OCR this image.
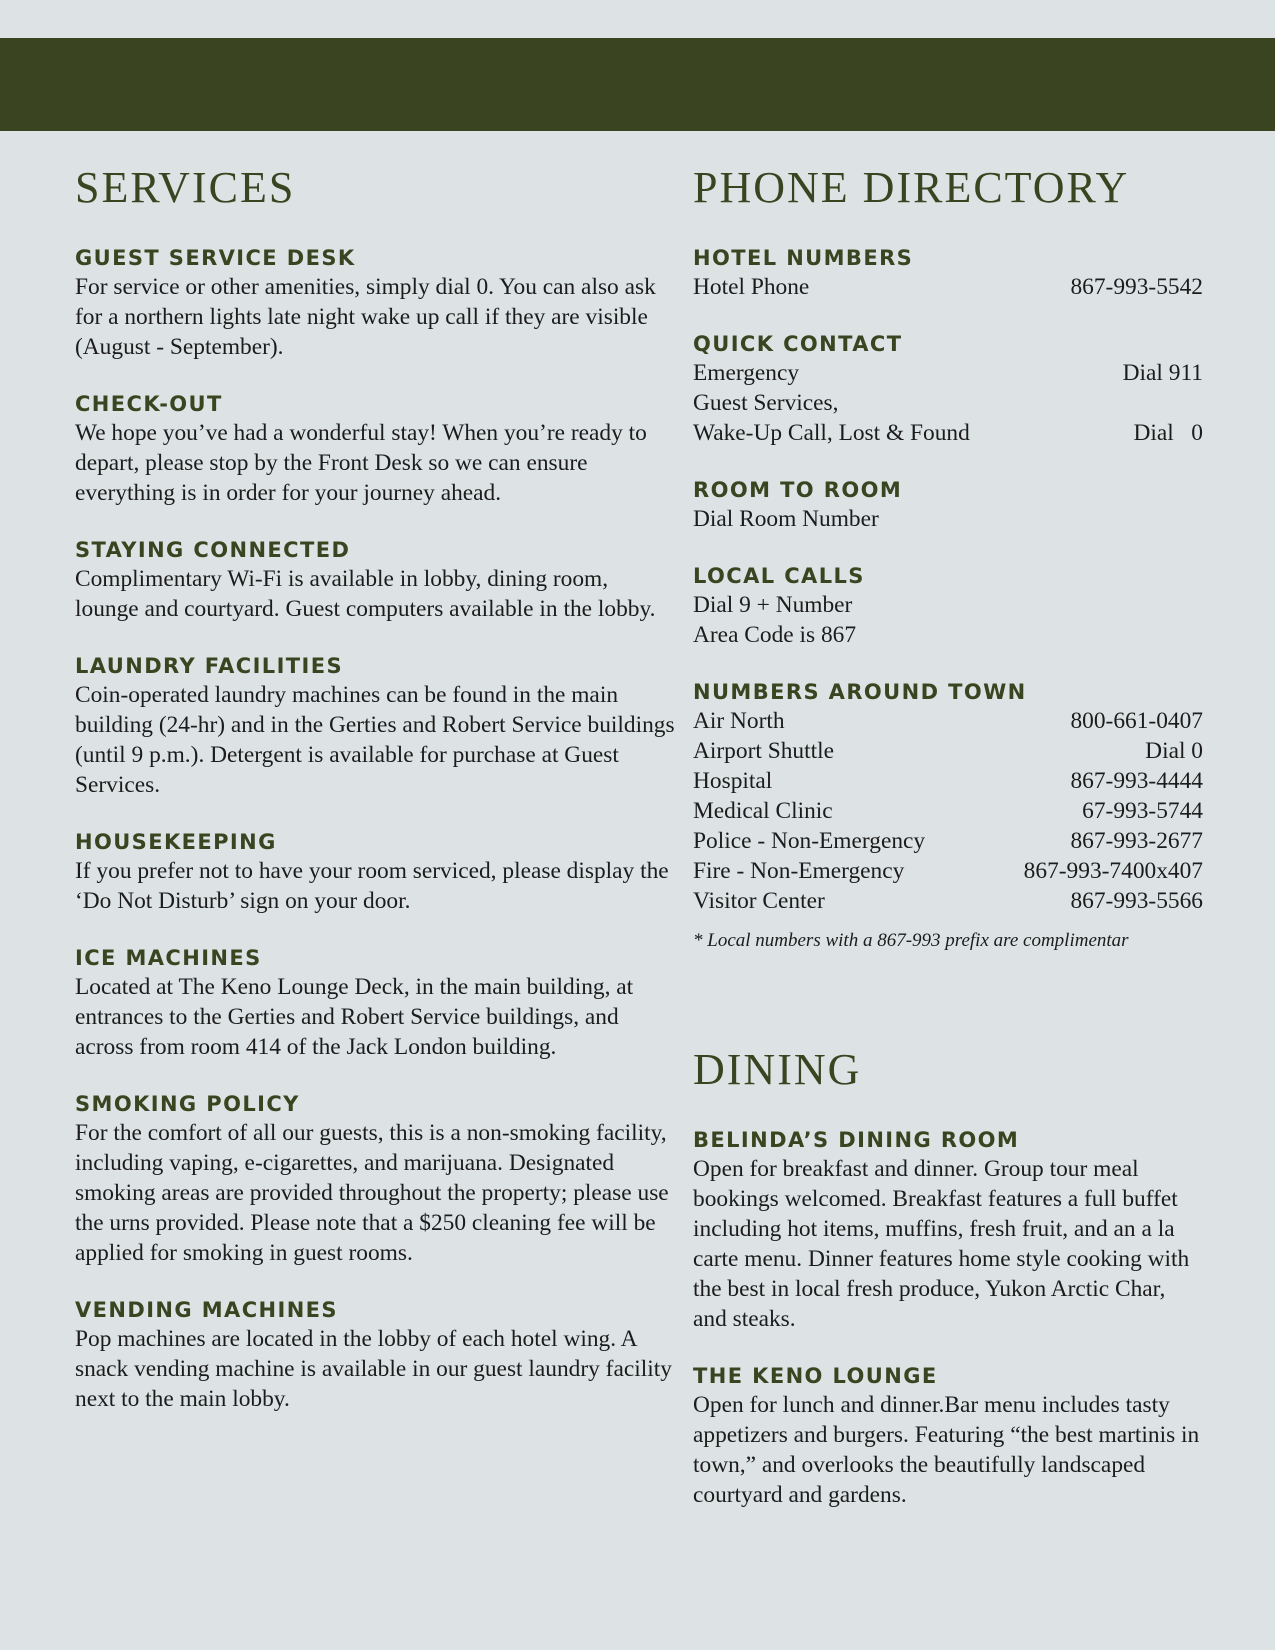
SERVICES
GUEST SERVICE DESK

For service or other amenities, simply dial 0. You can also ask for a northern lights late night wake up call if they are visible (August - September).

CHECK-OUT

We hope you’ve had a wonderful stay! When you’re ready to depart, please stop by the Front Desk so we can ensure everything is in order for your journey ahead.

STAYING CONNECTED

Complimentary Wi-Fi is available in lobby, dining room, lounge and courtyard. Guest computers available in the lobby.

LAUNDRY FACILITIES

Coin-operated laundry machines can be found in the main building (24-hr) and in the Gerties and Robert Service buildings (until 9 p.m.). Detergent is available for purchase at Guest Services.

HOUSEKEEPING

If you prefer not to have your room serviced, please display the ‘Do Not Disturb’ sign on your door.

ICE MACHINES

Located at The Keno Lounge Deck, in the main building, at entrances to the Gerties and Robert Service buildings, and across from room 414 of the Jack London building.

SMOKING POLICY

For the comfort of all our guests, this is a non-smoking facility, including vaping, e-cigarettes, and marijuana. Designated smoking areas are provided throughout the property; please use the urns provided. Please note that a $250 cleaning fee will be applied for smoking in guest rooms.

VENDING MACHINES

Pop machines are located in the lobby of each hotel wing. A snack vending machine is available in our guest laundry facility next to the main lobby.

PHONE DIRECTORY
HOTEL NUMBERS
Hotel Phone	867-993-5542
QUICK CONTACT
Emergency	Dial 911
Guest Services,
Wake-Up Call, Lost & Found	Dial   0
ROOM TO ROOM
Dial Room Number
LOCAL CALLS
Dial 9 + Number
Area Code is 867
NUMBERS AROUND TOWN
Air North	800-661-0407
Airport Shuttle	Dial 0
Hospital	867-993-4444
Medical Clinic	67-993-5744
Police - Non-Emergency	867-993-2677
Fire - Non-Emergency	867-993-7400x407
Visitor Center	867-993-5566
* Local numbers with a 867-993 prefix are complimentar
DINING
BELINDA’S DINING ROOM

Open for breakfast and dinner. Group tour meal bookings welcomed. Breakfast features a full buffet including hot items, muffins, fresh fruit, and an a la carte menu. Dinner features home style cooking with the best in local fresh produce, Yukon Arctic Char, and steaks.

THE KENO LOUNGE

Open for lunch and dinner.Bar menu includes tasty appetizers and burgers. Featuring “the best martinis in town,” and overlooks the beautifully landscaped courtyard and gardens.
